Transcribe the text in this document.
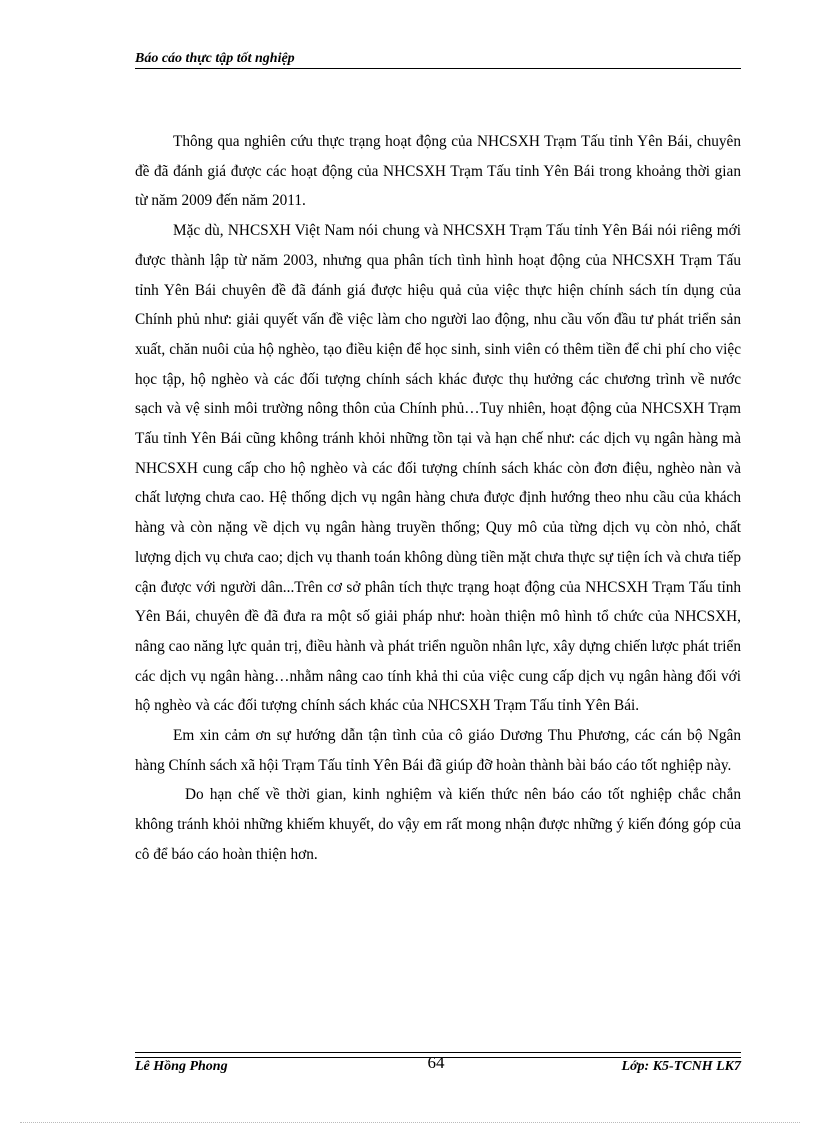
Báo cáo thực tập tốt nghiệp

Thông qua nghiên cứu thực trạng hoạt động của NHCSXH Trạm Tấu tỉnh Yên Bái, chuyên đề đã đánh giá được các hoạt động của NHCSXH Trạm Tấu tỉnh Yên Bái trong khoảng thời gian từ năm 2009 đến năm 2011.

Mặc dù, NHCSXH Việt Nam nói chung và NHCSXH Trạm Tấu tỉnh Yên Bái nói riêng mới được thành lập từ năm 2003, nhưng qua phân tích tình hình hoạt động của NHCSXH Trạm Tấu tỉnh Yên Bái chuyên đề đã đánh giá được hiệu quả của việc thực hiện chính sách tín dụng của Chính phủ như: giải quyết vấn đề việc làm cho người lao động, nhu cầu vốn đầu tư phát triển sản xuất, chăn nuôi của hộ nghèo, tạo điều kiện để học sinh, sinh viên có thêm tiền để chi phí cho việc học tập, hộ nghèo và các đối tượng chính sách khác được thụ hưởng các chương trình về nước sạch và vệ sinh môi trường nông thôn của Chính phủ…Tuy nhiên, hoạt động của NHCSXH Trạm Tấu tỉnh Yên Bái cũng không tránh khỏi những tồn tại và hạn chế như: các dịch vụ ngân hàng mà NHCSXH cung cấp cho hộ nghèo và các đối tượng chính sách khác còn đơn điệu, nghèo nàn và chất lượng chưa cao. Hệ thống dịch vụ ngân hàng chưa được định hướng theo nhu cầu của khách hàng và còn nặng về dịch vụ ngân hàng truyền thống; Quy mô của từng dịch vụ còn nhỏ, chất lượng dịch vụ chưa cao; dịch vụ thanh toán không dùng tiền mặt chưa thực sự tiện ích và chưa tiếp cận được với người dân...Trên cơ sở phân tích thực trạng hoạt động của NHCSXH Trạm Tấu tỉnh Yên Bái, chuyên đề đã đưa ra một số giải pháp như: hoàn thiện mô hình tổ chức của NHCSXH, nâng cao năng lực quản trị, điều hành và phát triển nguồn nhân lực, xây dựng chiến lược phát triển các dịch vụ ngân hàng…nhằm nâng cao tính khả thi của việc cung cấp dịch vụ ngân hàng đối với hộ nghèo và các đối tượng chính sách khác của NHCSXH Trạm Tấu tỉnh Yên Bái.

Em xin cảm ơn sự hướng dẫn tận tình của cô giáo Dương Thu Phương, các cán bộ Ngân hàng Chính sách xã hội Trạm Tấu tỉnh Yên Bái đã giúp đỡ hoàn thành bài báo cáo tốt nghiệp này.

Do hạn chế về thời gian, kinh nghiệm và kiến thức nên báo cáo tốt nghiệp chắc chắn không tránh khỏi những khiếm khuyết, do vậy em rất mong nhận được những ý kiến đóng góp của cô để báo cáo hoàn thiện hơn.

Lê Hồng Phong	64	Lớp: K5-TCNH LK7
